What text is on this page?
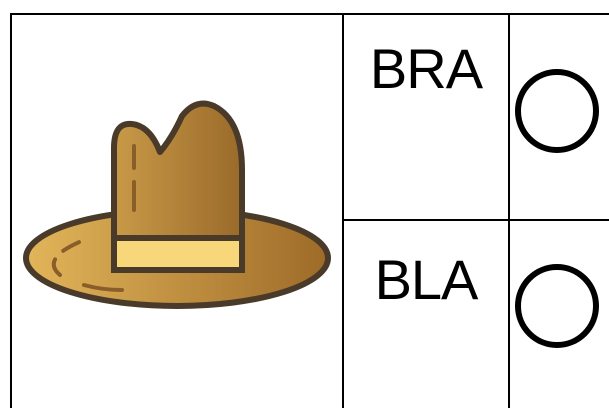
BRA
BLA
